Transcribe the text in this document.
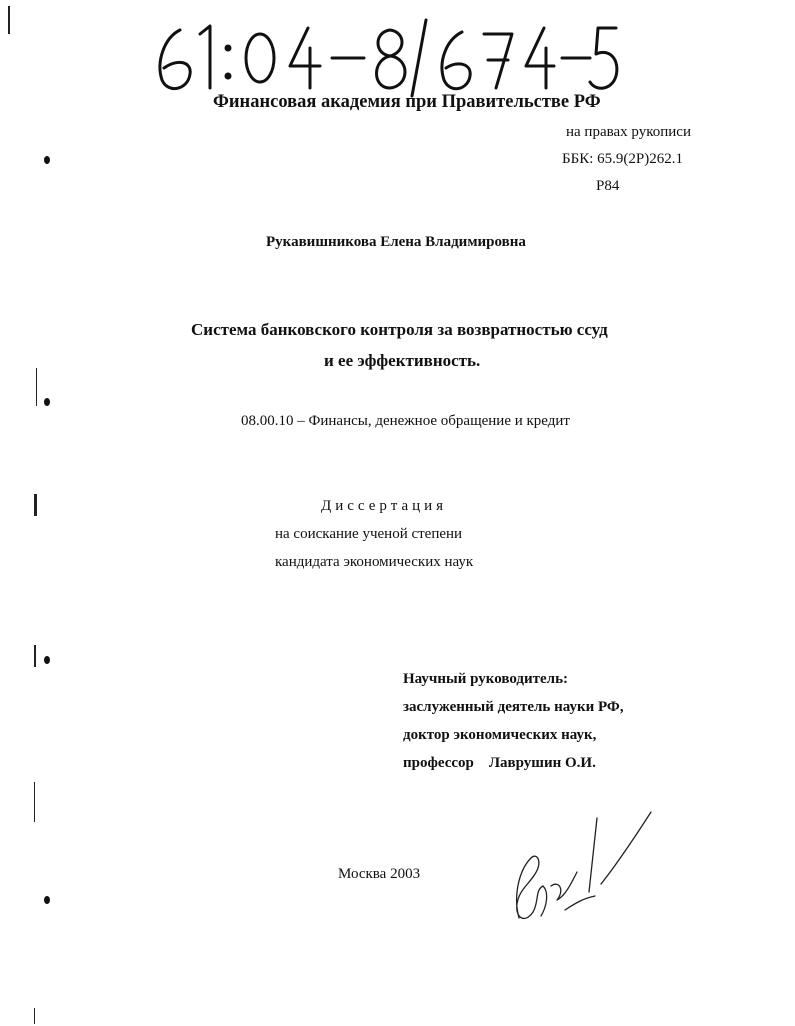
Финансовая академия при Правительстве РФ
на правах рукописи
ББК: 65.9(2Р)262.1
Р84
Рукавишникова Елена Владимировна
Система банковского контроля за возвратностью ссуд
и ее эффективность.
08.00.10 – Финансы, денежное обращение и кредит
Диссертация
на соискание ученой степени
кандидата экономических наук
Научный руководитель:
заслуженный деятель науки РФ,
доктор экономических наук,
профессор    Лаврушин О.И.
Москва 2003
